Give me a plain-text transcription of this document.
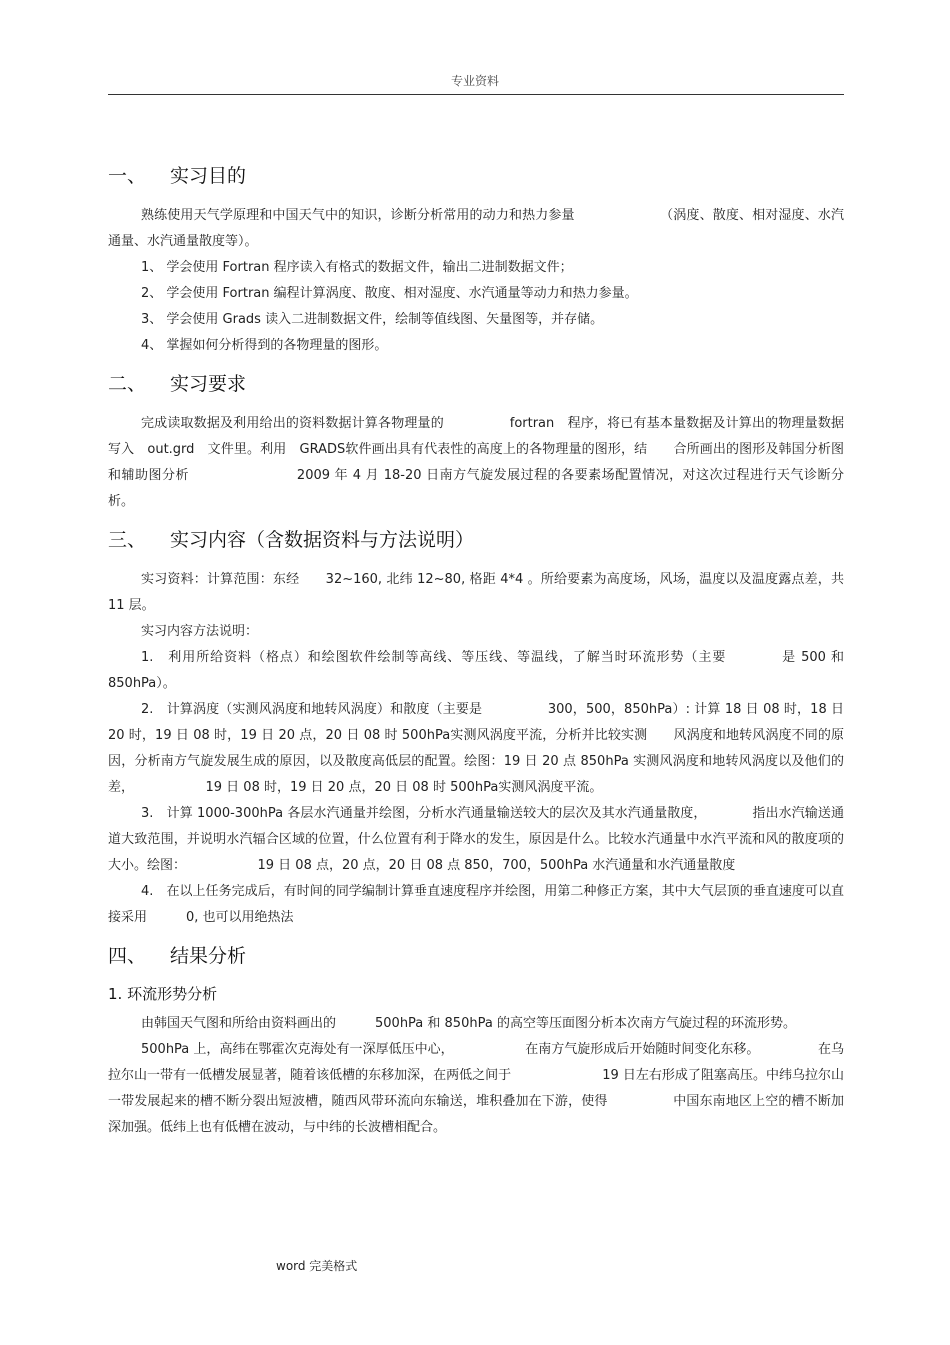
专业资料
一、 实习目的

熟练使用天气学原理和中国天气中的知识，诊断分析常用的动力和热力参量　　　　　　　（涡度、散度、相对湿度、水汽通量、水汽通量散度等）。

1、 学会使用 Fortran 程序读入有格式的数据文件，输出二进制数据文件；

2、 学会使用 Fortran 编程计算涡度、散度、相对湿度、水汽通量等动力和热力参量。

3、 学会使用 Grads 读入二进制数据文件，绘制等值线图、矢量图等，并存储。

4、 掌握如何分析得到的各物理量的图形。

二、 实习要求

完成读取数据及利用给出的资料数据计算各物理量的　　　　　fortran　程序，将已有基本量数据及计算出的物理量数据写入　out.grd　文件里。利用　GRADS软件画出具有代表性的高度上的各物理量的图形，结　　合所画出的图形及韩国分析图和辅助图分析　　　　　　　　2009 年 4 月 18-20 日南方气旋发展过程的各要素场配置情况，对这次过程进行天气诊断分析。

三、 实习内容（含数据资料与方法说明）

实习资料：计算范围：东经　　32~160, 北纬 12~80, 格距 4*4 。所给要素为高度场，风场，温度以及温度露点差，共　11 层。

实习内容方法说明：

1.　利用所给资料（格点）和绘图软件绘制等高线、等压线、等温线，了解当时环流形势（主要　　　　是 500 和 850hPa）。

2.　计算涡度（实测风涡度和地转风涡度）和散度（主要是　　　　　300，500，850hPa）: 计算 18 日 08 时，18 日 20 时，19 日 08 时，19 日 20 点，20 日 08 时 500hPa实测风涡度平流，分析并比较实测　　风涡度和地转风涡度不同的原因，分析南方气旋发展生成的原因，以及散度高低层的配置。绘图：19 日 20 点 850hPa 实测风涡度和地转风涡度以及他们的差，　　　　　　19 日 08 时，19 日 20 点，20 日 08 时 500hPa实测风涡度平流。

3.　计算 1000-300hPa 各层水汽通量并绘图，分析水汽通量输送较大的层次及其水汽通量散度，　　　　指出水汽输送通道大致范围，并说明水汽辐合区域的位置，什么位置有利于降水的发生，原因是什么。比较水汽通量中水汽平流和风的散度项的大小。绘图：　　　　　　19 日 08 点，20 点，20 日 08 点 850，700，500hPa 水汽通量和水汽通量散度

4.　在以上任务完成后，有时间的同学编制计算垂直速度程序并绘图，用第二种修正方案，其中大气层顶的垂直速度可以直接采用　　　0, 也可以用绝热法

四、 结果分析
1. 环流形势分析

由韩国天气图和所给由资料画出的　　　500hPa 和 850hPa 的高空等压面图分析本次南方气旋过程的环流形势。

500hPa 上，高纬在鄂霍次克海处有一深厚低压中心，　　　　　　在南方气旋形成后开始随时间变化东移。　　　　　在乌拉尔山一带有一低槽发展显著，随着该低槽的东移加深，在两低之间于　　　　　　　19 日左右形成了阻塞高压。中纬乌拉尔山一带发展起来的槽不断分裂出短波槽，随西风带环流向东输送，堆积叠加在下游，使得　　　　　中国东南地区上空的槽不断加深加强。低纬上也有低槽在波动，与中纬的长波槽相配合。

word 完美格式
